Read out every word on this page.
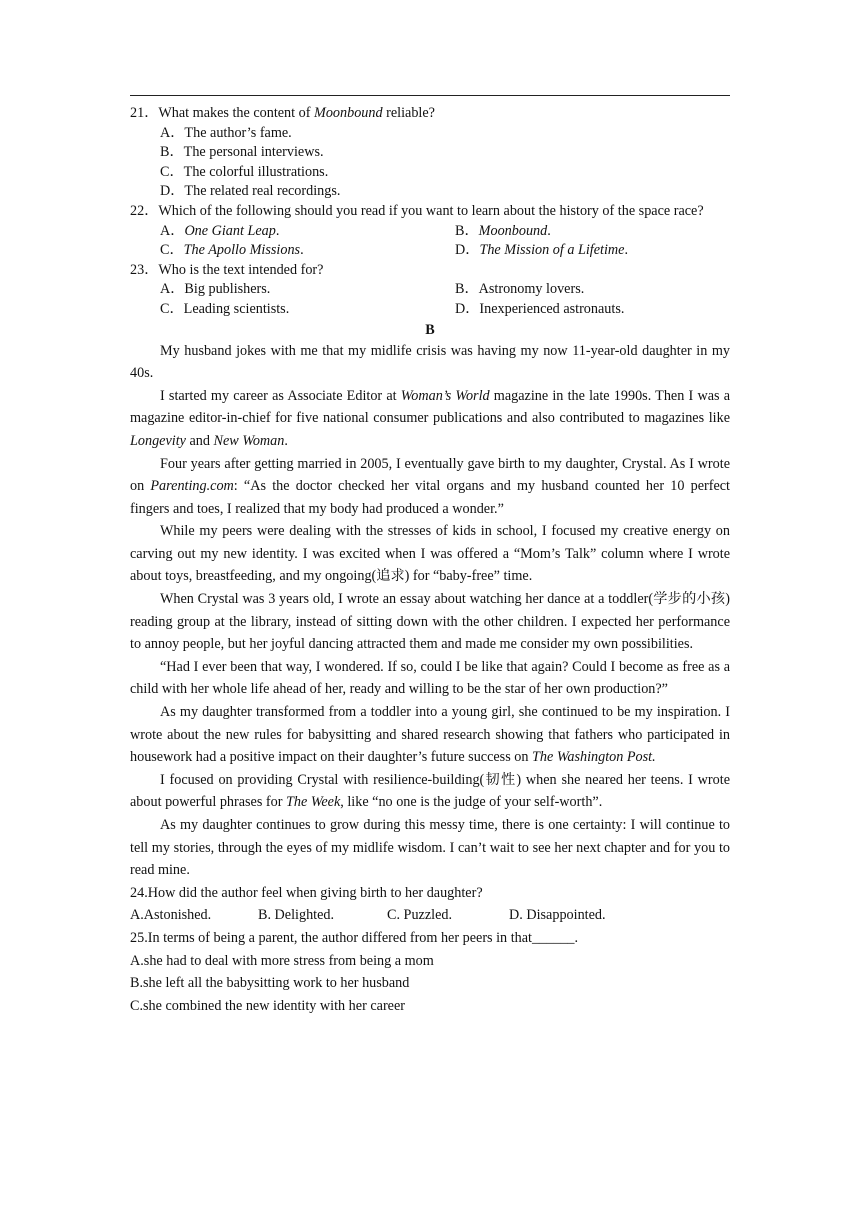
21．What makes the content of Moonbound reliable?
A．The author’s fame.
B．The personal interviews.
C．The colorful illustrations.
D．The related real recordings.
22．Which of the following should you read if you want to learn about the history of the space race?
A．One Giant Leap.	B．Moonbound.
C．The Apollo Missions.	D．The Mission of a Lifetime.
23．Who is the text intended for?
A．Big publishers.	B．Astronomy lovers.
C．Leading scientists.	D．Inexperienced astronauts.
B

My husband jokes with me that my midlife crisis was having my now 11-year-old daughter in my 40s.

I started my career as Associate Editor at Woman’s World magazine in the late 1990s. Then I was a magazine editor-in-chief for five national consumer publications and also contributed to magazines like Longevity and New Woman.

Four years after getting married in 2005, I eventually gave birth to my daughter, Crystal. As I wrote on Parenting.com: “As the doctor checked her vital organs and my husband counted her 10 perfect fingers and toes, I realized that my body had produced a wonder.”

While my peers were dealing with the stresses of kids in school, I focused my creative energy on carving out my new identity. I was excited when I was offered a “Mom’s Talk” column where I wrote about toys, breastfeeding, and my ongoing(追求) for “baby-free” time.

When Crystal was 3 years old, I wrote an essay about watching her dance at a toddler(学步的小孩) reading group at the library, instead of sitting down with the other children. I expected her performance to annoy people, but her joyful dancing attracted them and made me consider my own possibilities.

“Had I ever been that way, I wondered. If so, could I be like that again? Could I become as free as a child with her whole life ahead of her, ready and willing to be the star of her own production?”

As my daughter transformed from a toddler into a young girl, she continued to be my inspiration. I wrote about the new rules for babysitting and shared research showing that fathers who participated in housework had a positive impact on their daughter’s future success on The Washington Post.

I focused on providing Crystal with resilience-building(韧性) when she neared her teens. I wrote about powerful phrases for The Week, like “no one is the judge of your self-worth”.

As my daughter continues to grow during this messy time, there is one certainty: I will continue to tell my stories, through the eyes of my midlife wisdom. I can’t wait to see her next chapter and for you to read mine.

24.How did the author feel when giving birth to her daughter?
A.Astonished.	B. Delighted.	C. Puzzled.	D. Disappointed.
25.In terms of being a parent, the author differed from her peers in that______.
A.she had to deal with more stress from being a mom
B.she left all the babysitting work to her husband
C.she combined the new identity with her career
